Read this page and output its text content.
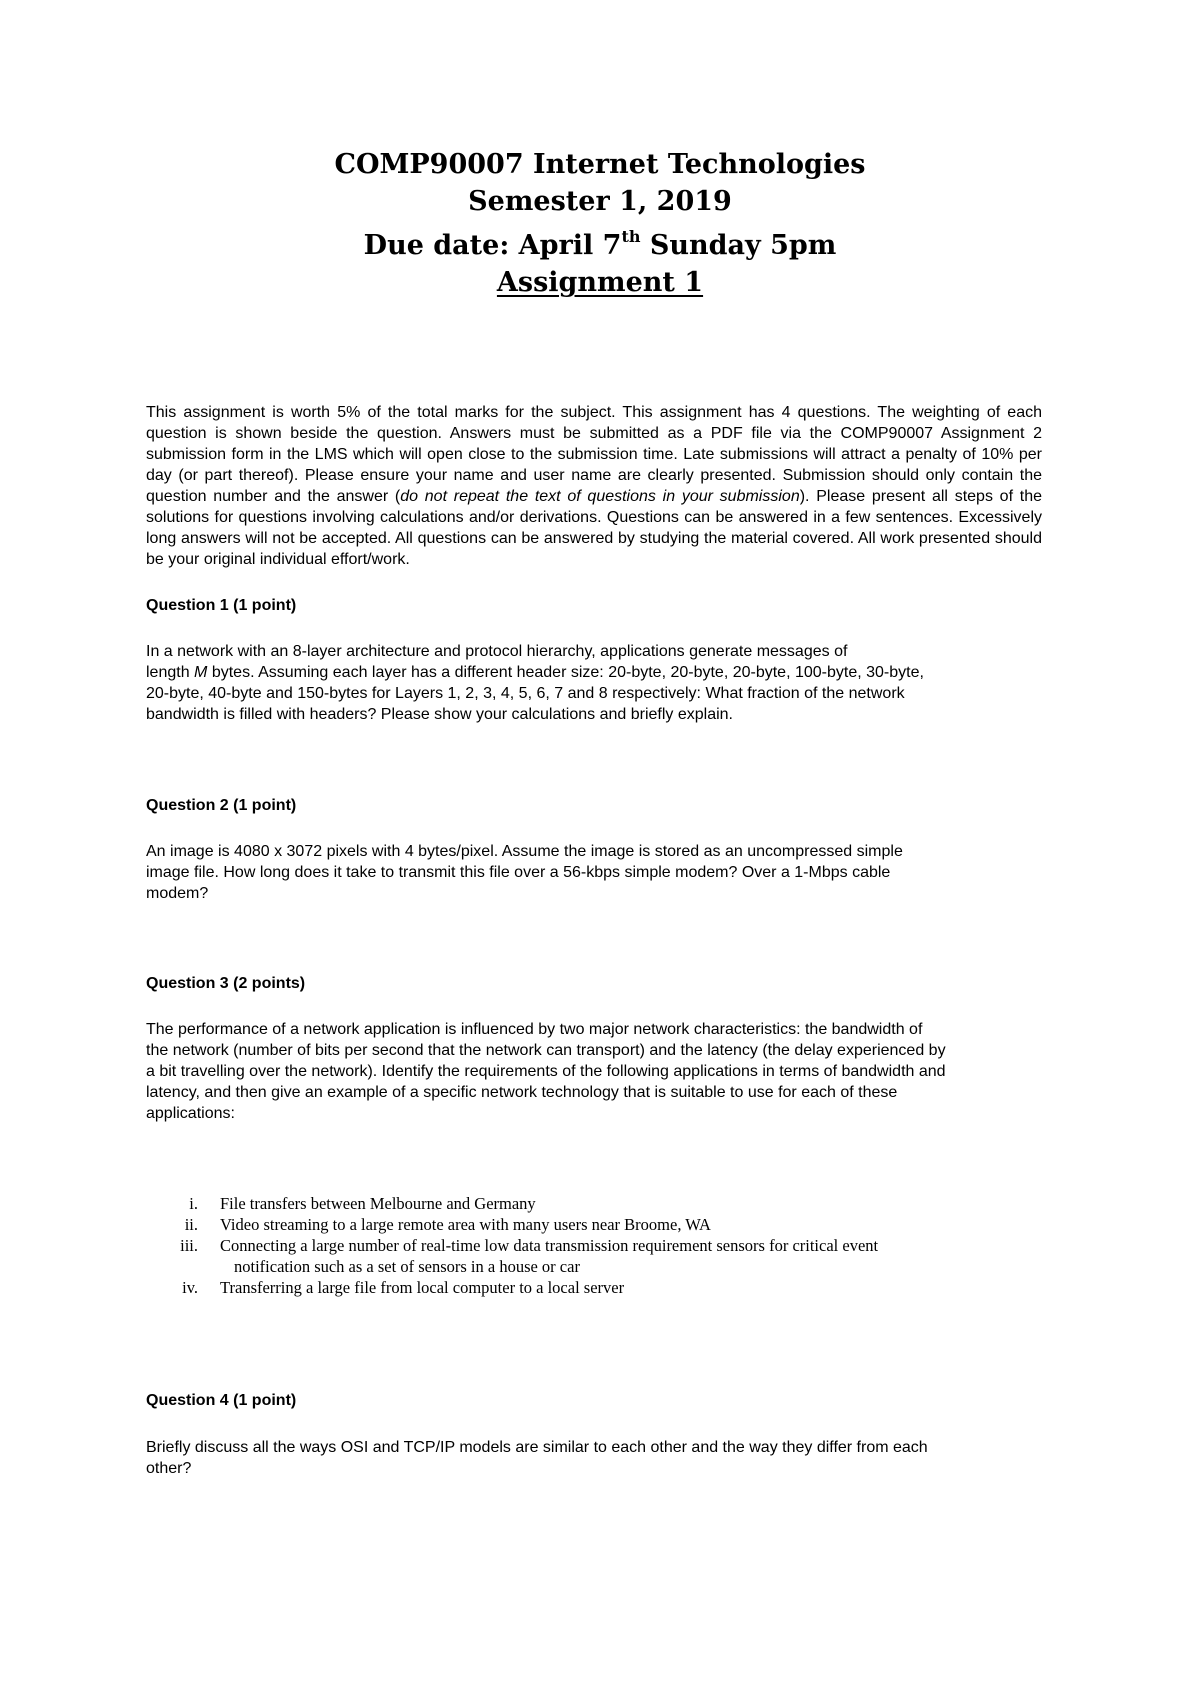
COMP90007 Internet Technologies
Semester 1, 2019
Due date: April 7th Sunday 5pm
Assignment 1
This assignment is worth 5% of the total marks for the subject. This assignment has 4 questions. The weighting of each question is shown beside the question. Answers must be submitted as a PDF file via the COMP90007 Assignment 2 submission form in the LMS which will open close to the submission time. Late submissions will attract a penalty of 10% per day (or part thereof). Please ensure your name and user name are clearly presented. Submission should only contain the question number and the answer (do not repeat the text of questions in your submission). Please present all steps of the solutions for questions involving calculations and/or derivations. Questions can be answered in a few sentences. Excessively long answers will not be accepted. All questions can be answered by studying the material covered. All work presented should be your original individual effort/work.
Question 1 (1 point)
In a network with an 8-layer architecture and protocol hierarchy, applications generate messages of
length M bytes. Assuming each layer has a different header size: 20-byte, 20-byte, 20-byte, 100-byte, 30-byte,
20-byte, 40-byte and 150-bytes for Layers 1, 2, 3, 4, 5, 6, 7 and 8 respectively: What fraction of the network
bandwidth is filled with headers? Please show your calculations and briefly explain.
Question 2 (1 point)
An image is 4080 x 3072 pixels with 4 bytes/pixel. Assume the image is stored as an uncompressed simple
image file. How long does it take to transmit this file over a 56-kbps simple modem? Over a 1-Mbps cable
modem?
Question 3 (2 points)
The performance of a network application is influenced by two major network characteristics: the bandwidth of
the network (number of bits per second that the network can transport) and the latency (the delay experienced by
a bit travelling over the network). Identify the requirements of the following applications in terms of bandwidth and
latency, and then give an example of a specific network technology that is suitable to use for each of these
applications:
i. File transfers between Melbourne and Germany
ii. Video streaming to a large remote area with many users near Broome, WA
iii. Connecting a large number of real-time low data transmission requirement sensors for critical event
notification such as a set of sensors in a house or car
iv. Transferring a large file from local computer to a local server
Question 4 (1 point)
Briefly discuss all the ways OSI and TCP/IP models are similar to each other and the way they differ from each
other?
